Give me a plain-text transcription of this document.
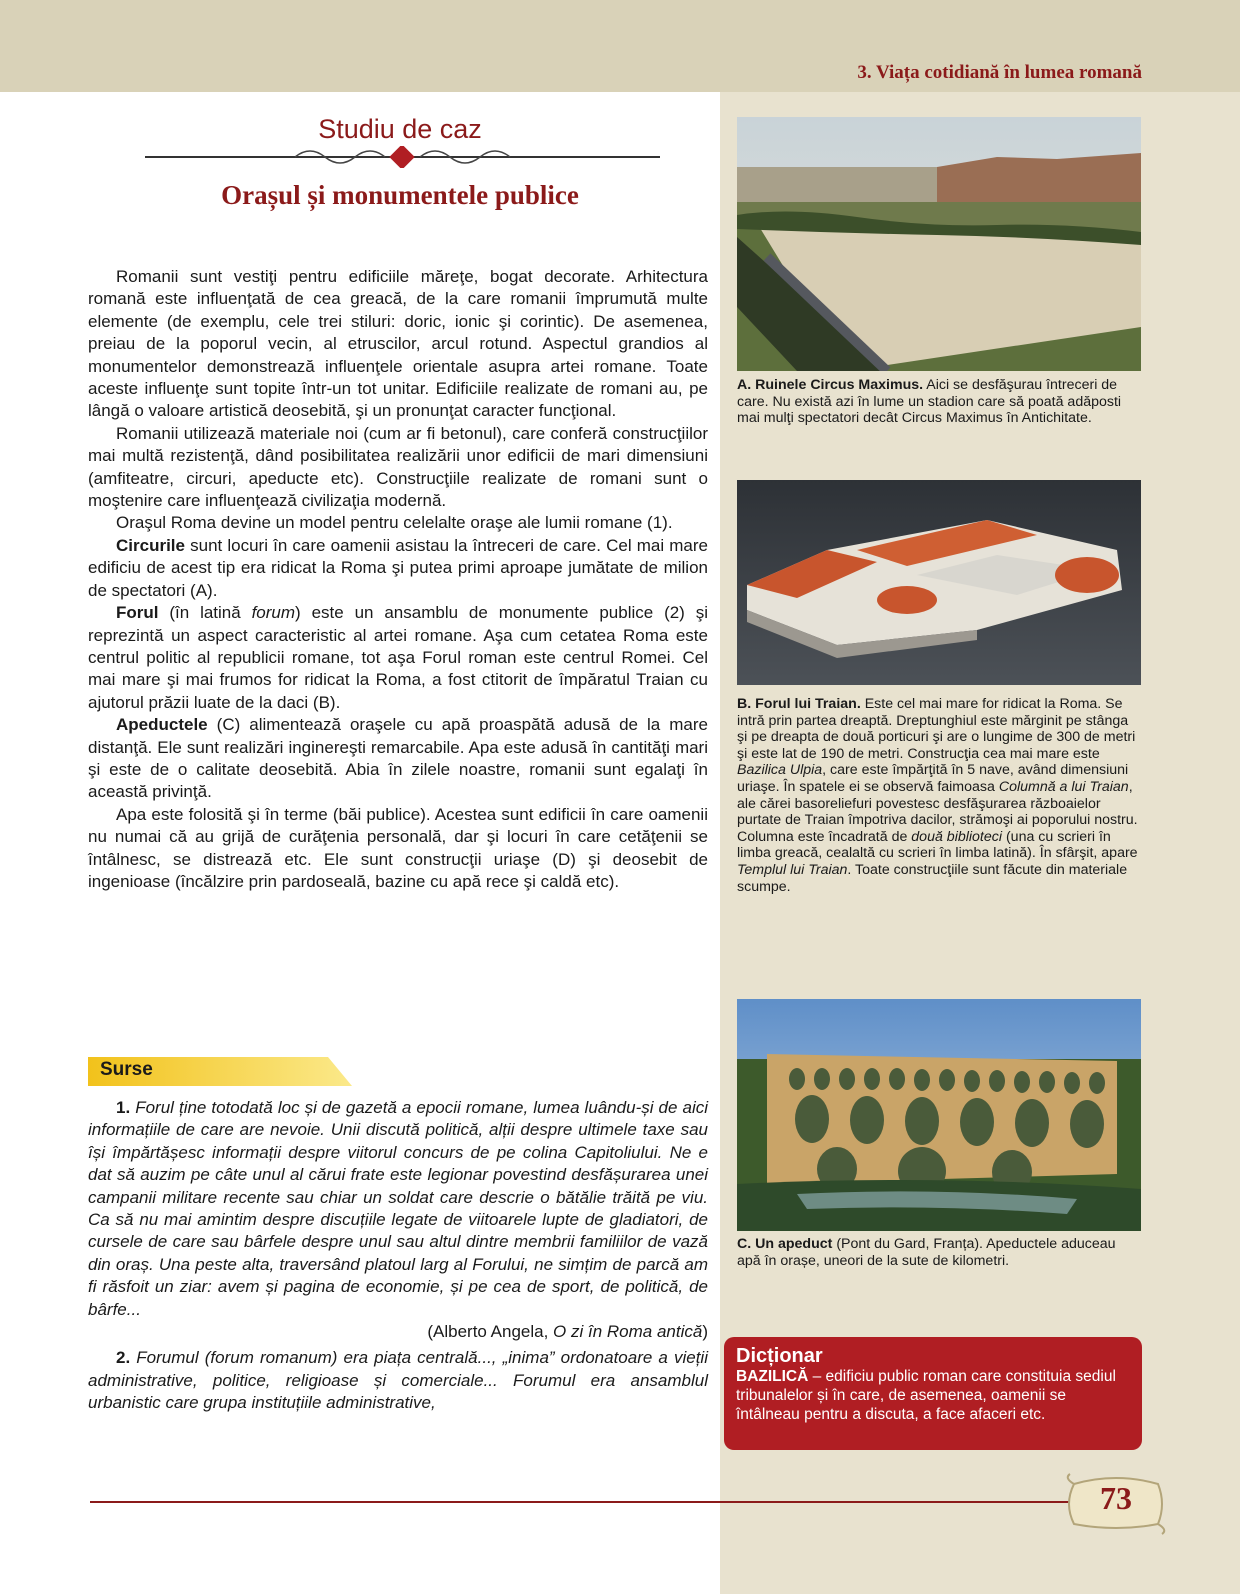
3. Viața cotidiană în lumea romană
Studiu de caz
Orașul și monumentele publice

Romanii sunt vestiţi pentru edificiile măreţe, bogat decorate. Arhitectura romană este influenţată de cea greacă, de la care romanii împrumută multe elemente (de exemplu, cele trei stiluri: doric, ionic şi corintic). De asemenea, preiau de la poporul vecin, al etruscilor, arcul rotund. Aspectul grandios al monumentelor demonstrează influenţele orientale asupra artei romane. Toate aceste influenţe sunt topite într-un tot unitar. Edificiile realizate de romani au, pe lângă o valoare artistică deosebită, şi un pronunţat caracter funcţional.

Romanii utilizează materiale noi (cum ar fi betonul), care conferă construcţiilor mai multă rezistenţă, dând posibilitatea realizării unor edificii de mari dimensiuni (amfiteatre, circuri, apeducte etc). Construcţiile realizate de romani sunt o moştenire care influenţează civilizaţia modernă.

Oraşul Roma devine un model pentru celelalte oraşe ale lumii romane (1).

Circurile sunt locuri în care oamenii asistau la întreceri de care. Cel mai mare edificiu de acest tip era ridicat la Roma şi putea primi aproape jumătate de milion de spectatori (A).

Forul (în latină forum) este un ansamblu de monumente publice (2) şi reprezintă un aspect caracteristic al artei romane. Aşa cum cetatea Roma este centrul politic al republicii romane, tot aşa Forul roman este centrul Romei. Cel mai mare şi mai frumos for ridicat la Roma, a fost ctitorit de împăratul Traian cu ajutorul prăzii luate de la daci (B).

Apeductele (C) alimentează oraşele cu apă proaspătă adusă de la mare distanţă. Ele sunt realizări inginereşti remarcabile. Apa este adusă în cantităţi mari şi este de o calitate deosebită. Abia în zilele noastre, romanii sunt egalaţi în această privinţă.

Apa este folosită şi în terme (băi publice). Acestea sunt edificii în care oamenii nu numai că au grijă de curăţenia personală, dar şi locuri în care cetăţenii se întâlnesc, se distrează etc. Ele sunt construcţii uriaşe (D) şi deosebit de ingenioase (încălzire prin pardoseală, bazine cu apă rece şi caldă etc).

Surse

1. Forul ține totodată loc și de gazetă a epocii romane, lumea luându-și de aici informațiile de care are nevoie. Unii discută politică, alții despre ultimele taxe sau își împărtășesc informații despre viitorul concurs de pe colina Capitoliului. Ne e dat să auzim pe câte unul al cărui frate este legionar povestind desfășurarea unei campanii militare recente sau chiar un soldat care descrie o bătălie trăită pe viu. Ca să nu mai amintim despre discuțiile legate de viitoarele lupte de gladiatori, de cursele de care sau bârfele despre unul sau altul dintre membrii familiilor de vază din oraș. Una peste alta, traversând platoul larg al Forului, ne simțim de parcă am fi răsfoit un ziar: avem și pagina de economie, și pe cea de sport, de politică, de bârfe...

(Alberto Angela, O zi în Roma antică)

2. Forumul (forum romanum) era piața centrală..., „inima” ordonatoare a vieții administrative, politice, religioase și comerciale... Forumul era ansamblul urbanistic care grupa instituțiile administrative,

A. Ruinele Circus Maximus. Aici se desfăşurau întreceri de care. Nu există azi în lume un stadion care să poată adăposti mai mulţi spectatori decât Circus Maximus în Antichitate.
B. Forul lui Traian. Este cel mai mare for ridicat la Roma. Se intră prin partea dreaptă. Dreptunghiul este mărginit pe stânga şi pe dreapta de două porticuri şi are o lungime de 300 de metri şi este lat de 190 de metri. Construcţia cea mai mare este Bazilica Ulpia, care este împărţită în 5 nave, având dimensiuni uriaşe. În spatele ei se observă faimoasa Columnă a lui Traian, ale cărei basoreliefuri povestesc desfăşurarea războaielor purtate de Traian împotriva dacilor, strămoşi ai poporului nostru. Columna este încadrată de două biblioteci (una cu scrieri în limba greacă, cealaltă cu scrieri în limba latină). În sfârşit, apare Templul lui Traian. Toate construcţiile sunt făcute din materiale scumpe.
C. Un apeduct (Pont du Gard, Franța). Apeductele aduceau apă în orașe, uneori de la sute de kilometri.
Dicționar
BAZILICĂ – edificiu public roman care constituia sediul tribunalelor și în care, de asemenea, oamenii se întâlneau pentru a discuta, a face afaceri etc.
73
